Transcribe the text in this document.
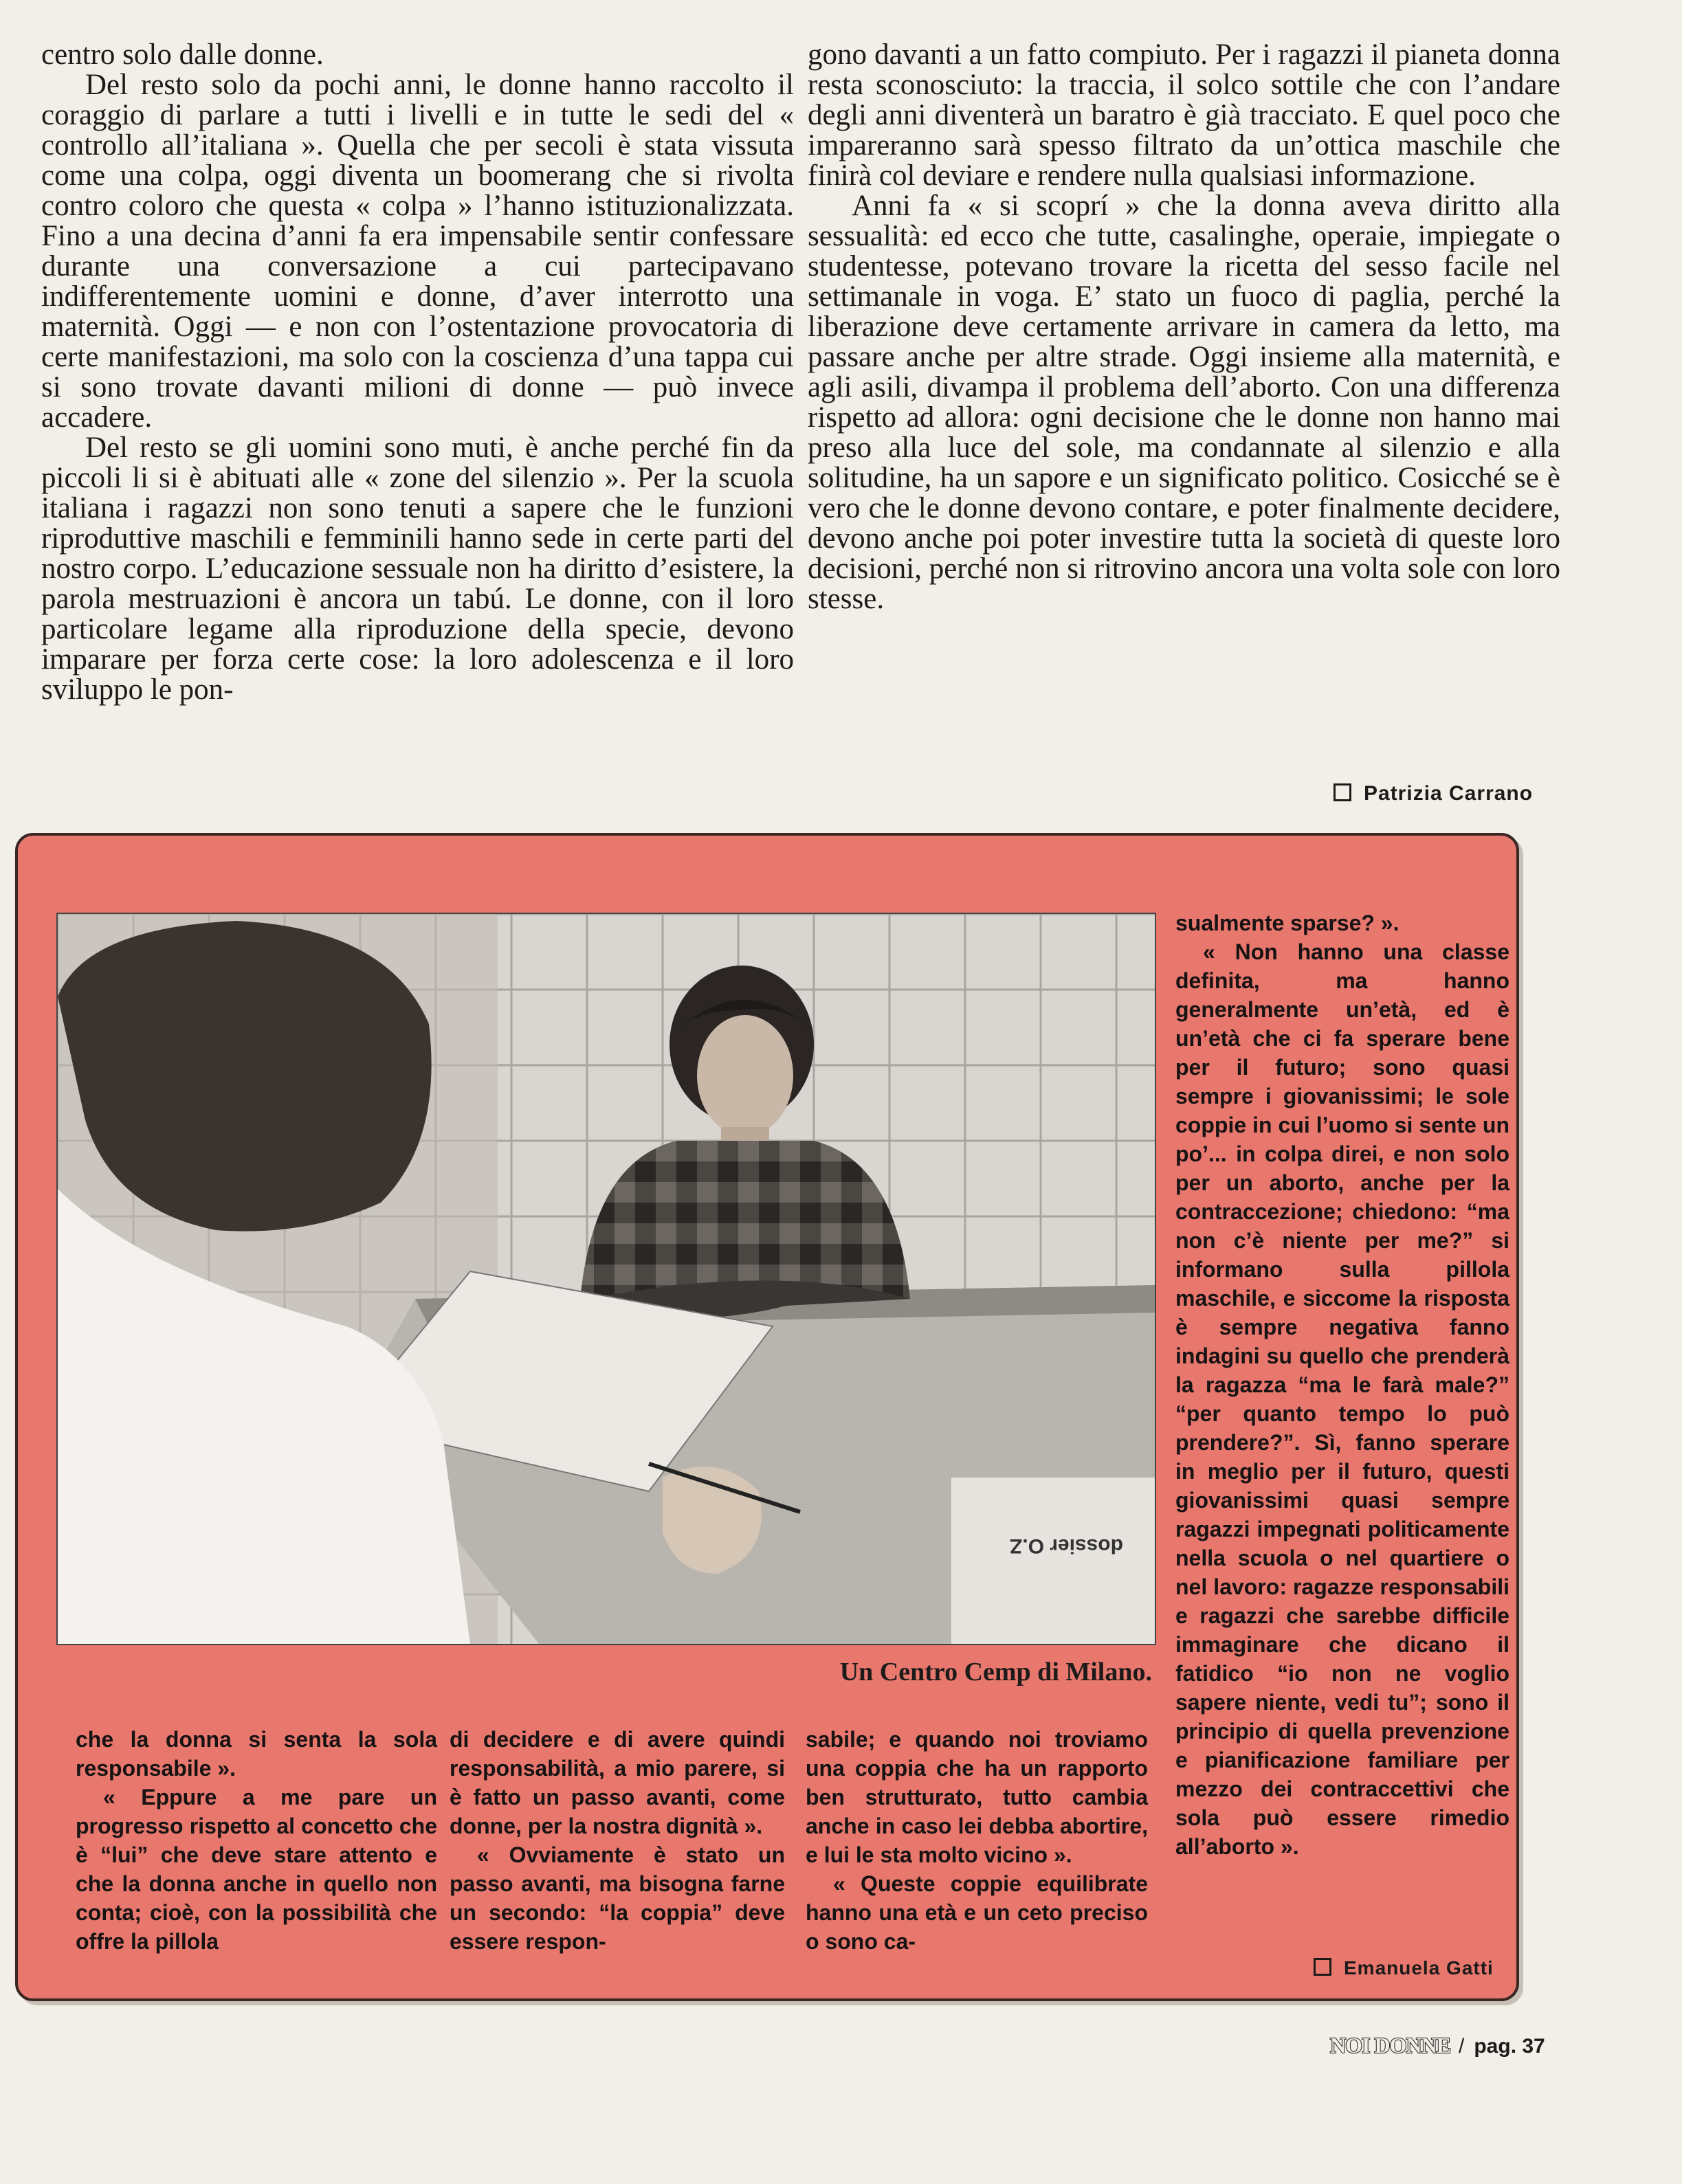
centro solo dalle donne.

Del resto solo da pochi anni, le donne hanno raccolto il coraggio di parlare a tutti i livelli e in tutte le sedi del « controllo all’italiana ». Quella che per secoli è stata vissuta come una colpa, oggi diventa un boomerang che si rivolta contro coloro che questa « colpa » l’hanno istituzionalizzata. Fino a una decina d’anni fa era impensabile sentir confessare durante una conversazione a cui partecipavano indifferentemente uomini e donne, d’aver interrotto una maternità. Oggi — e non con l’ostentazione provocatoria di certe manifestazioni, ma solo con la coscienza d’una tappa cui si sono trovate davanti milioni di donne — può invece accadere.

Del resto se gli uomini sono muti, è anche perché fin da piccoli li si è abituati alle « zone del silenzio ». Per la scuola italiana i ragazzi non sono tenuti a sapere che le funzioni riproduttive maschili e femminili hanno sede in certe parti del nostro corpo. L’educazione sessuale non ha diritto d’esistere, la parola mestruazioni è ancora un tabú. Le donne, con il loro particolare legame alla riproduzione della specie, devono imparare per forza certe cose: la loro adolescenza e il loro sviluppo le pon-

gono davanti a un fatto compiuto. Per i ragazzi il pianeta donna resta sconosciuto: la traccia, il solco sottile che con l’andare degli anni diventerà un baratro è già tracciato. E quel poco che impareranno sarà spesso filtrato da un’ottica maschile che finirà col deviare e rendere nulla qualsiasi informazione.

Anni fa « si scoprí » che la donna aveva diritto alla sessualità: ed ecco che tutte, casalinghe, operaie, impiegate o studentesse, potevano trovare la ricetta del sesso facile nel settimanale in voga. E’ stato un fuoco di paglia, perché la liberazione deve certamente arrivare in camera da letto, ma passare anche per altre strade. Oggi insieme alla maternità, e agli asili, divampa il problema dell’aborto. Con una differenza rispetto ad allora: ogni decisione che le donne non hanno mai preso alla luce del sole, ma condannate al silenzio e alla solitudine, ha un sapore e un significato politico. Cosicché se è vero che le donne devono contare, e poter finalmente decidere, devono anche poi poter investire tutta la società di queste loro decisioni, perché non si ritrovino ancora una volta sole con loro stesse.

Patrizia Carrano
dossier O.Z
Un Centro Cemp di Milano.

che la donna si senta la sola responsabile ».

« Eppure a me pare un progresso rispetto al concetto che è “lui” che deve stare attento e che la donna anche in quello non conta; cioè, con la possibilità che offre la pillola

di decidere e di avere quindi responsabilità, a mio parere, si è fatto un passo avanti, come donne, per la nostra dignità ».

« Ovviamente è stato un passo avanti, ma bisogna farne un secondo: “la coppia” deve essere respon-

sabile; e quando noi troviamo una coppia che ha un rapporto ben strutturato, tutto cambia anche in caso lei debba abortire, e lui le sta molto vicino ».

« Queste coppie equilibrate hanno una età e un ceto preciso o sono ca-

sualmente sparse? ».

« Non hanno una classe definita, ma hanno generalmente un’età, ed è un’età che ci fa sperare bene per il futuro; sono quasi sempre i giovanissimi; le sole coppie in cui l’uomo si sente un po’... in colpa direi, e non solo per un aborto, anche per la contraccezione; chiedono: “ma non c’è niente per me?” si informano sulla pillola maschile, e siccome la risposta è sempre negativa fanno indagini su quello che prenderà la ragazza “ma le farà male?” “per quanto tempo lo può prendere?”. Sì, fanno sperare in meglio per il futuro, questi giovanissimi quasi sempre ragazzi impegnati politicamente nella scuola o nel quartiere o nel lavoro: ragazze responsabili e ragazzi che sarebbe difficile immaginare che dicano il fatidico “io non ne voglio sapere niente, vedi tu”; sono il principio di quella prevenzione e pianificazione familiare per mezzo dei contraccettivi che sola può essere rimedio all’aborto ».

Emanuela Gatti
NOI DONNE / pag. 37
